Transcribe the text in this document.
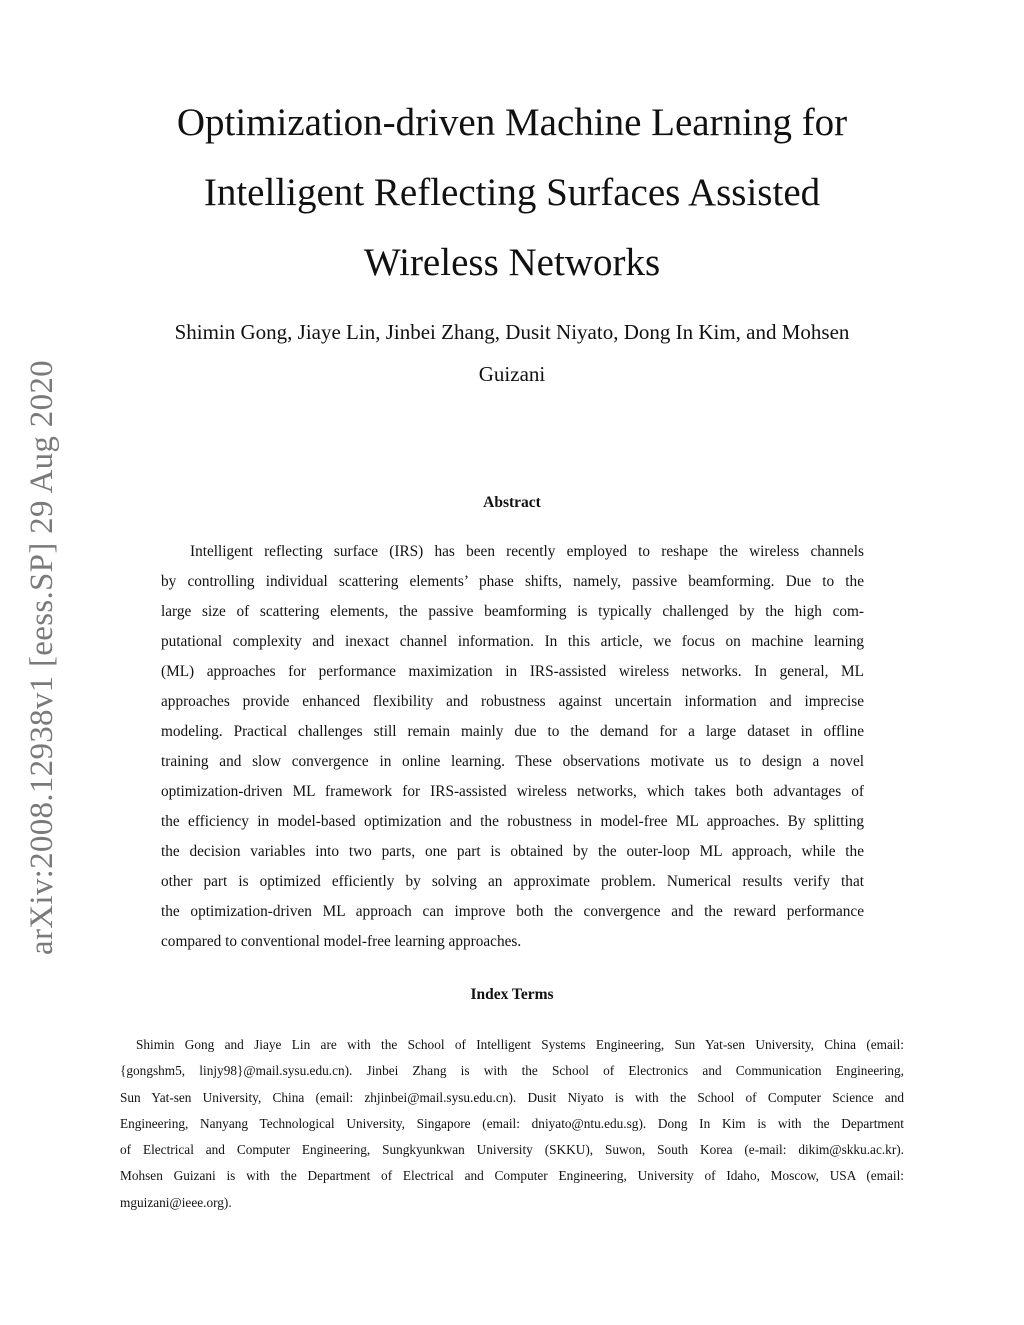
arXiv:2008.12938v1 [eess.SP] 29 Aug 2020
Optimization-driven Machine Learning for
Intelligent Reflecting Surfaces Assisted
Wireless Networks
Shimin Gong, Jiaye Lin, Jinbei Zhang, Dusit Niyato, Dong In Kim, and Mohsen
Guizani
Abstract
Intelligent reflecting surface (IRS) has been recently employed to reshape the wireless channels
by controlling individual scattering elements’ phase shifts, namely, passive beamforming. Due to the
large size of scattering elements, the passive beamforming is typically challenged by the high com-
putational complexity and inexact channel information. In this article, we focus on machine learning
(ML) approaches for performance maximization in IRS-assisted wireless networks. In general, ML
approaches provide enhanced flexibility and robustness against uncertain information and imprecise
modeling. Practical challenges still remain mainly due to the demand for a large dataset in offline
training and slow convergence in online learning. These observations motivate us to design a novel
optimization-driven ML framework for IRS-assisted wireless networks, which takes both advantages of
the efficiency in model-based optimization and the robustness in model-free ML approaches. By splitting
the decision variables into two parts, one part is obtained by the outer-loop ML approach, while the
other part is optimized efficiently by solving an approximate problem. Numerical results verify that
the optimization-driven ML approach can improve both the convergence and the reward performance
compared to conventional model-free learning approaches.
Index Terms
Shimin Gong and Jiaye Lin are with the School of Intelligent Systems Engineering, Sun Yat-sen University, China (email:
{gongshm5, linjy98}@mail.sysu.edu.cn). Jinbei Zhang is with the School of Electronics and Communication Engineering,
Sun Yat-sen University, China (email: zhjinbei@mail.sysu.edu.cn). Dusit Niyato is with the School of Computer Science and
Engineering, Nanyang Technological University, Singapore (email: dniyato@ntu.edu.sg). Dong In Kim is with the Department
of Electrical and Computer Engineering, Sungkyunkwan University (SKKU), Suwon, South Korea (e-mail: dikim@skku.ac.kr).
Mohsen Guizani is with the Department of Electrical and Computer Engineering, University of Idaho, Moscow, USA (email:
mguizani@ieee.org).
